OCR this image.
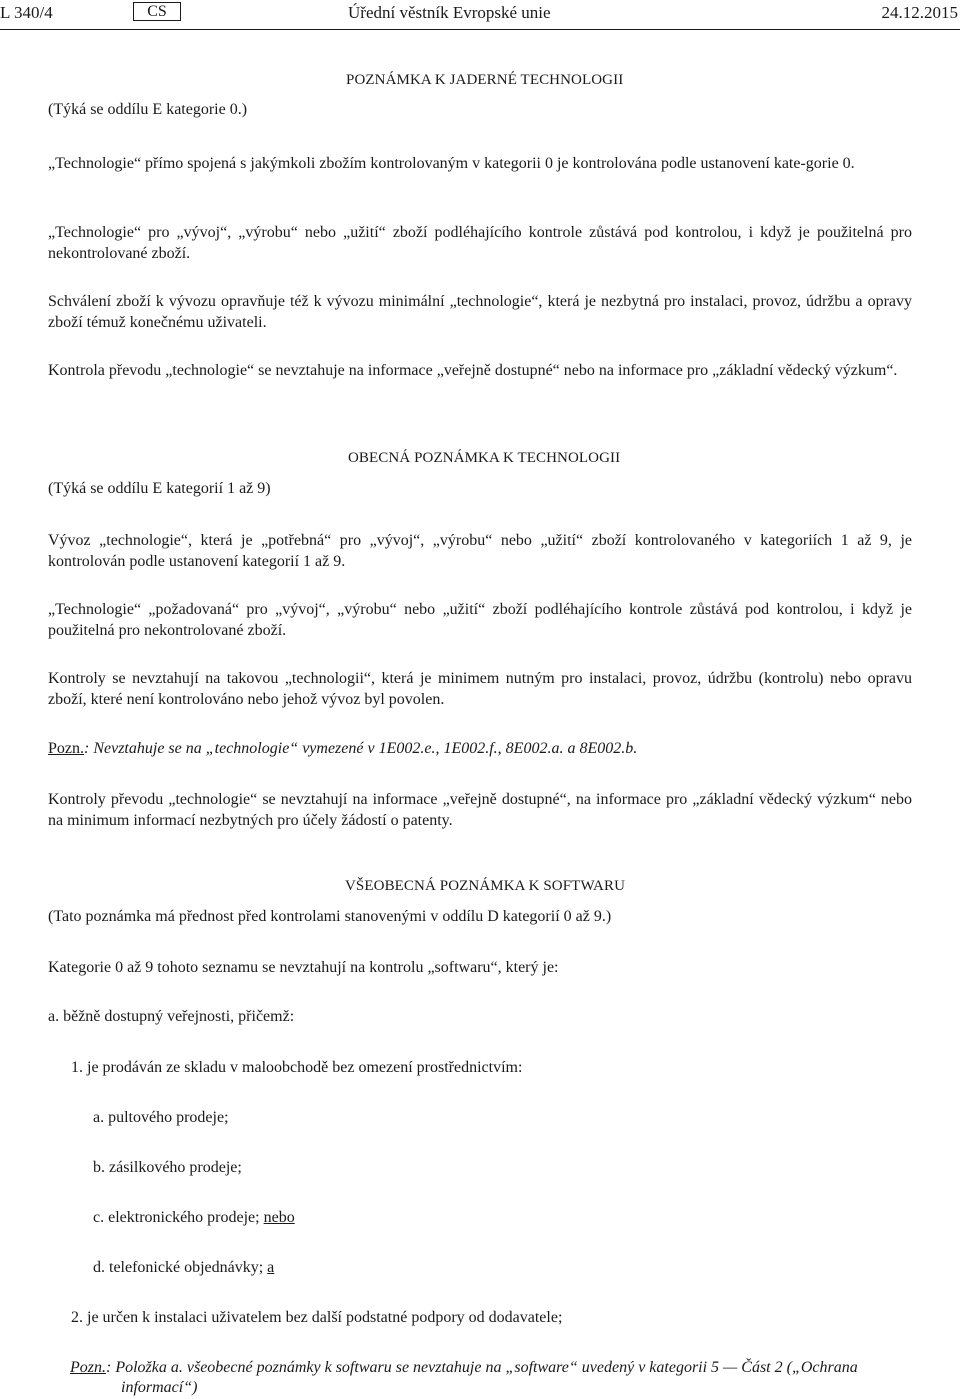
L 340/4	CS	Úřední věstník Evropské unie	24.12.2015
POZNÁMKA K JADERNÉ TECHNOLOGII
(Týká se oddílu E kategorie 0.)
„Technologie“ přímo spojená s jakýmkoli zbožím kontrolovaným v kategorii 0 je kontrolována podle ustanovení kate-gorie 0.
„Technologie“ pro „vývoj“, „výrobu“ nebo „užití“ zboží podléhajícího kontrole zůstává pod kontrolou, i když je použitelná pro nekontrolované zboží.
Schválení zboží k vývozu opravňuje též k vývozu minimální „technologie“, která je nezbytná pro instalaci, provoz, údržbu a opravy zboží témuž konečnému uživateli.
Kontrola převodu „technologie“ se nevztahuje na informace „veřejně dostupné“ nebo na informace pro „základní vědecký výzkum“.
OBECNÁ POZNÁMKA K TECHNOLOGII
(Týká se oddílu E kategorií 1 až 9)
Vývoz „technologie“, která je „potřebná“ pro „vývoj“, „výrobu“ nebo „užití“ zboží kontrolovaného v kategoriích 1 až 9, je kontrolován podle ustanovení kategorií 1 až 9.
„Technologie“ „požadovaná“ pro „vývoj“, „výrobu“ nebo „užití“ zboží podléhajícího kontrole zůstává pod kontrolou, i když je použitelná pro nekontrolované zboží.
Kontroly se nevztahují na takovou „technologii“, která je minimem nutným pro instalaci, provoz, údržbu (kontrolu) nebo opravu zboží, které není kontrolováno nebo jehož vývoz byl povolen.
Pozn.: Nevztahuje se na „technologie“ vymezené v 1E002.e., 1E002.f., 8E002.a. a 8E002.b.
Kontroly převodu „technologie“ se nevztahují na informace „veřejně dostupné“, na informace pro „základní vědecký výzkum“ nebo na minimum informací nezbytných pro účely žádostí o patenty.
VŠEOBECNÁ POZNÁMKA K SOFTWARU
(Tato poznámka má přednost před kontrolami stanovenými v oddílu D kategorií 0 až 9.)
Kategorie 0 až 9 tohoto seznamu se nevztahují na kontrolu „softwaru“, který je:
a. běžně dostupný veřejnosti, přičemž:
1. je prodáván ze skladu v maloobchodě bez omezení prostřednictvím:
a. pultového prodeje;
b. zásilkového prodeje;
c. elektronického prodeje; nebo
d. telefonické objednávky; a
2. je určen k instalaci uživatelem bez další podstatné podpory od dodavatele;
Pozn.: Položka a. všeobecné poznámky k softwaru se nevztahuje na „software“ uvedený v kategorii 5 — Část 2 („Ochrana
informací“)
